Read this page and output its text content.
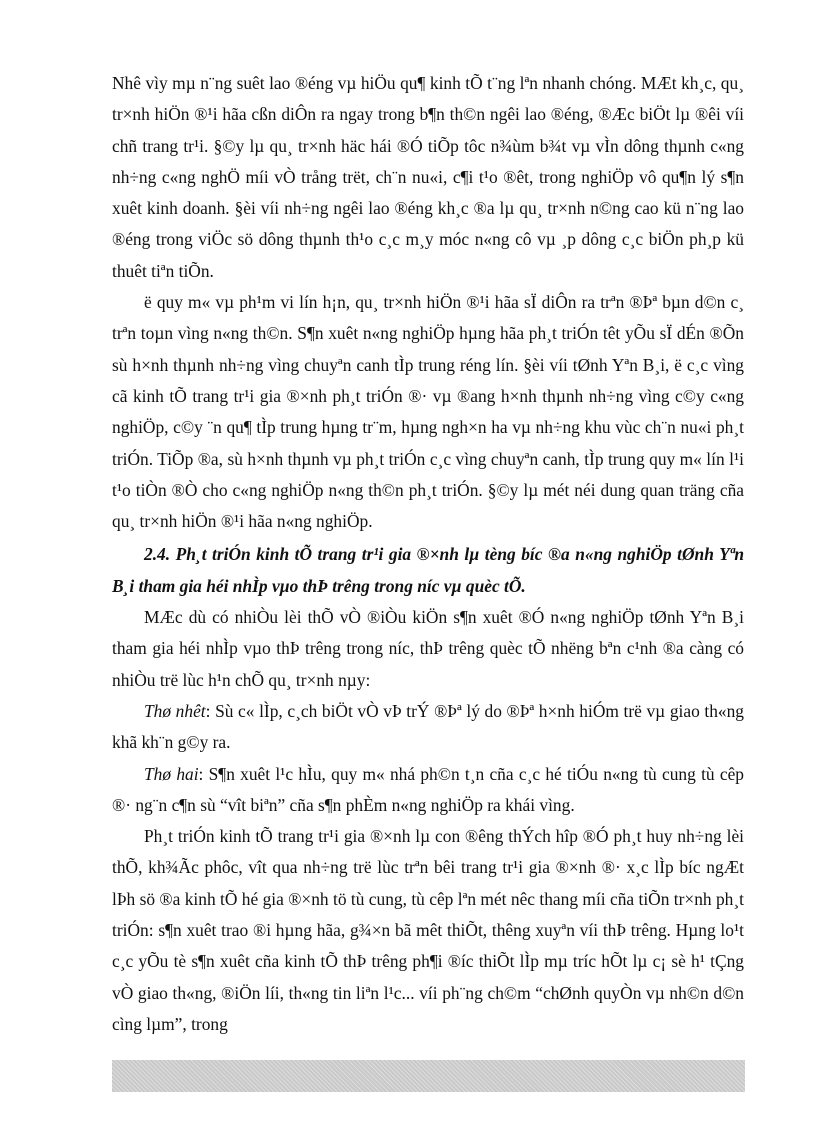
Nhê vìy mµ n¨ng suêt lao ®éng vµ hiÖu qu¶ kinh tÕ t¨ng lªn nhanh chóng. MÆt kh¸c, qu¸ tr×nh hiÖn ®¹i hãa cßn diÔn ra ngay trong b¶n th©n ngêi lao ®éng, ®Æc biÖt lµ ®êi víi chñ trang tr¹i. §©y lµ qu¸ tr×nh häc hái ®Ó tiÕp tôc n¾ùm b¾t vµ vÌn dông thµnh c«ng nh÷ng c«ng nghÖ míi vÒ trång trët, ch¨n nu«i, c¶i t¹o ®êt, trong nghiÖp vô qu¶n lý s¶n xuêt kinh doanh. §èi víi nh÷ng ngêi lao ®éng kh¸c ®a lµ qu¸ tr×nh n©ng cao kü n¨ng lao ®éng trong viÖc sö dông thµnh th¹o c¸c m¸y móc n«ng cô vµ ¸p dông c¸c biÖn ph¸p kü thuêt tiªn tiÕn.

ë quy m« vµ ph¹m vi lín h¡n, qu¸ tr×nh hiÖn ®¹i hãa sÏ diÔn ra trªn ®Þª bµn d©n c¸ trªn toµn vìng n«ng th©n. S¶n xuêt n«ng nghiÖp hµng hãa ph¸t triÓn têt yÕu sÏ dÉn ®Õn sù h×nh thµnh nh÷ng vìng chuyªn canh tÌp trung réng lín. §èi víi tØnh Yªn B¸i, ë c¸c vìng cã kinh tÕ trang tr¹i gia ®×nh ph¸t triÓn ®· vµ ®ang h×nh thµnh nh÷ng vìng c©y c«ng nghiÖp, c©y ¨n qu¶ tÌp trung hµng tr¨m, hµng ngh×n ha vµ nh÷ng khu vùc ch¨n nu«i ph¸t triÓn. TiÕp ®a, sù h×nh thµnh vµ ph¸t triÓn c¸c vìng chuyªn canh, tÌp trung quy m« lín l¹i t¹o tiÒn ®Ò cho c«ng nghiÖp n«ng th©n ph¸t triÓn. §©y lµ mét néi dung quan träng cña qu¸ tr×nh hiÖn ®¹i hãa n«ng nghiÖp.

2.4. Ph¸t triÓn kinh tÕ trang tr¹i gia ®×nh lµ tèng bíc ®a n«ng nghiÖp tØnh Yªn B¸i tham gia héi nhÌp vµo thÞ trêng trong níc vµ quèc tÕ.

MÆc dù có nhiÒu lèi thÕ vÒ ®iÒu kiÖn s¶n xuêt ®Ó n«ng nghiÖp tØnh Yªn B¸i tham gia héi nhÌp vµo thÞ trêng trong níc, thÞ trêng quèc tÕ nhëng bªn c¹nh ®a càng có nhiÒu trë lùc h¹n chÕ qu¸ tr×nh nµy:

Thø nhêt: Sù c« lÌp, c¸ch biÖt vÒ vÞ trÝ ®Þª lý do ®Þª h×nh hiÓm trë vµ giao th«ng khã kh¨n g©y ra.

Thø hai: S¶n xuêt l¹c hÌu, quy m« nhá ph©n t¸n cña c¸c hé tiÓu n«ng tù cung tù cêp ®· ng¨n c¶n sù “vît biªn” cña s¶n phÈm n«ng nghiÖp ra khái vìng.

Ph¸t triÓn kinh tÕ trang tr¹i gia ®×nh lµ con ®êng thÝch hîp ®Ó ph¸t huy nh÷ng lèi thÕ, kh¾Ãc phôc, vît qua nh÷ng trë lùc trªn bêi trang tr¹i gia ®×nh ®· x¸c lÌp bíc ngÆt lÞh sö ®a kinh tÕ hé gia ®×nh tö tù cung, tù cêp lªn mét nêc thang míi cña tiÕn tr×nh ph¸t triÓn: s¶n xuêt trao ®i hµng hãa, g¾×n bã mêt thiÕt, thêng xuyªn víi thÞ trêng. Hµng lo¹t c¸c yÕu tè s¶n xuêt cña kinh tÕ thÞ trêng ph¶i ®íc thiÕt lÌp mµ tríc hÕt lµ c¡ sè h¹ tÇng vÒ giao th«ng, ®iÖn líi, th«ng tin liªn l¹c... víi ph¨ng ch©m “chØnh quyÒn vµ nh©n d©n cìng lµm”, trong
